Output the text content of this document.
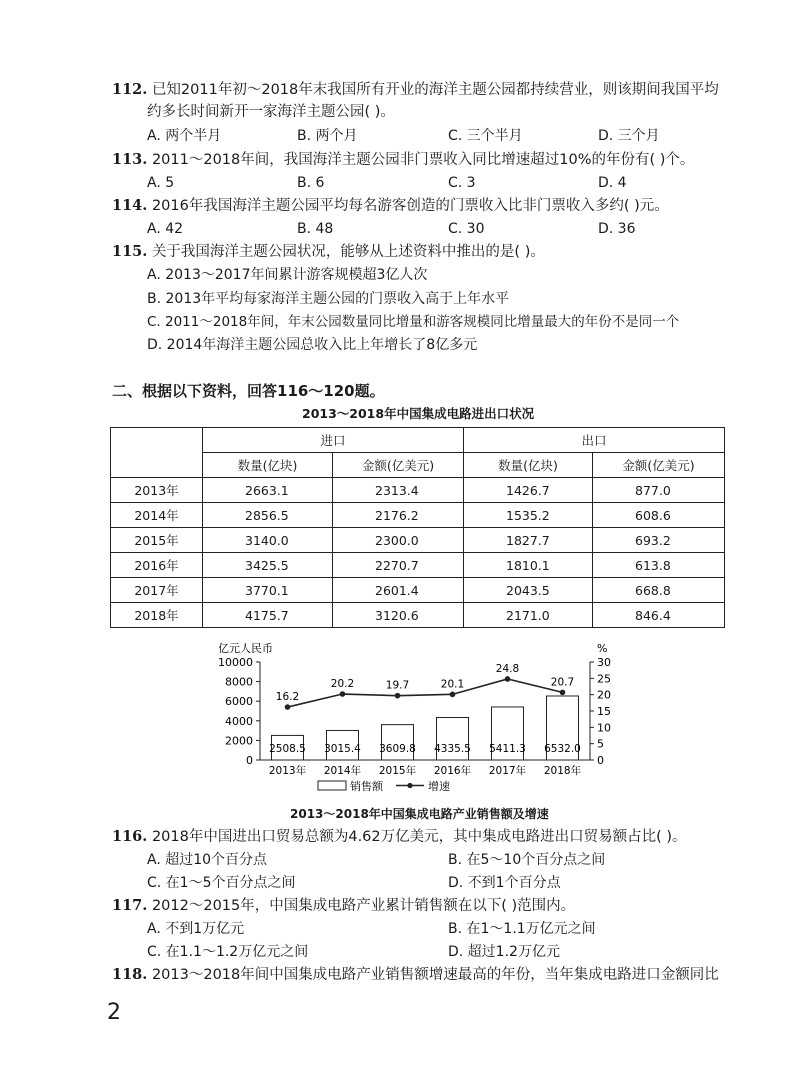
112. 已知2011年初～2018年末我国所有开业的海洋主题公园都持续营业，则该期间我国平均
约多长时间新开一家海洋主题公园( )。
A. 两个半月	B. 两个月	C. 三个半月	D. 三个月
113. 2011～2018年间，我国海洋主题公园非门票收入同比增速超过10%的年份有( )个。
A. 5	B. 6	C. 3	D. 4
114. 2016年我国海洋主题公园平均每名游客创造的门票收入比非门票收入多约( )元。
A. 42	B. 48	C. 30	D. 36
115. 关于我国海洋主题公园状况，能够从上述资料中推出的是( )。
A. 2013～2017年间累计游客规模超3亿人次
B. 2013年平均每家海洋主题公园的门票收入高于上年水平
C. 2011～2018年间，年末公园数量同比增量和游客规模同比增量最大的年份不是同一个
D. 2014年海洋主题公园总收入比上年增长了8亿多元
二、根据以下资料，回答116～120题。
2013～2018年中国集成电路进出口状况
	进口		出口	
	数量(亿块)	金额(亿美元)	数量(亿块)	金额(亿美元)
2013年	2663.1	2313.4	1426.7	877.0
2014年	2856.5	2176.2	1535.2	608.6
2015年	3140.0	2300.0	1827.7	693.2
2016年	3425.5	2270.7	1810.1	613.8
2017年	3770.1	2601.4	2043.5	668.8
2018年	4175.7	3120.6	2171.0	846.4
亿元人民币	%
0
2000
4000
6000
8000
10000
0
5
10
15
20
25
30
2508.5
2013年
3015.4
2014年
3609.8
2015年
4335.5
2016年
5411.3
2017年
6532.0
2018年
16.2
20.2	19.7	20.1
24.8
20.7
销售额	增速
2013～2018年中国集成电路产业销售额及增速
116. 2018年中国进出口贸易总额为4.62万亿美元，其中集成电路进出口贸易额占比( )。
A. 超过10个百分点	B. 在5～10个百分点之间
C. 在1～5个百分点之间	D. 不到1个百分点
117. 2012～2015年，中国集成电路产业累计销售额在以下( )范围内。
A. 不到1万亿元	B. 在1～1.1万亿元之间
C. 在1.1～1.2万亿元之间	D. 超过1.2万亿元
118. 2013～2018年间中国集成电路产业销售额增速最高的年份，当年集成电路进口金额同比
2
